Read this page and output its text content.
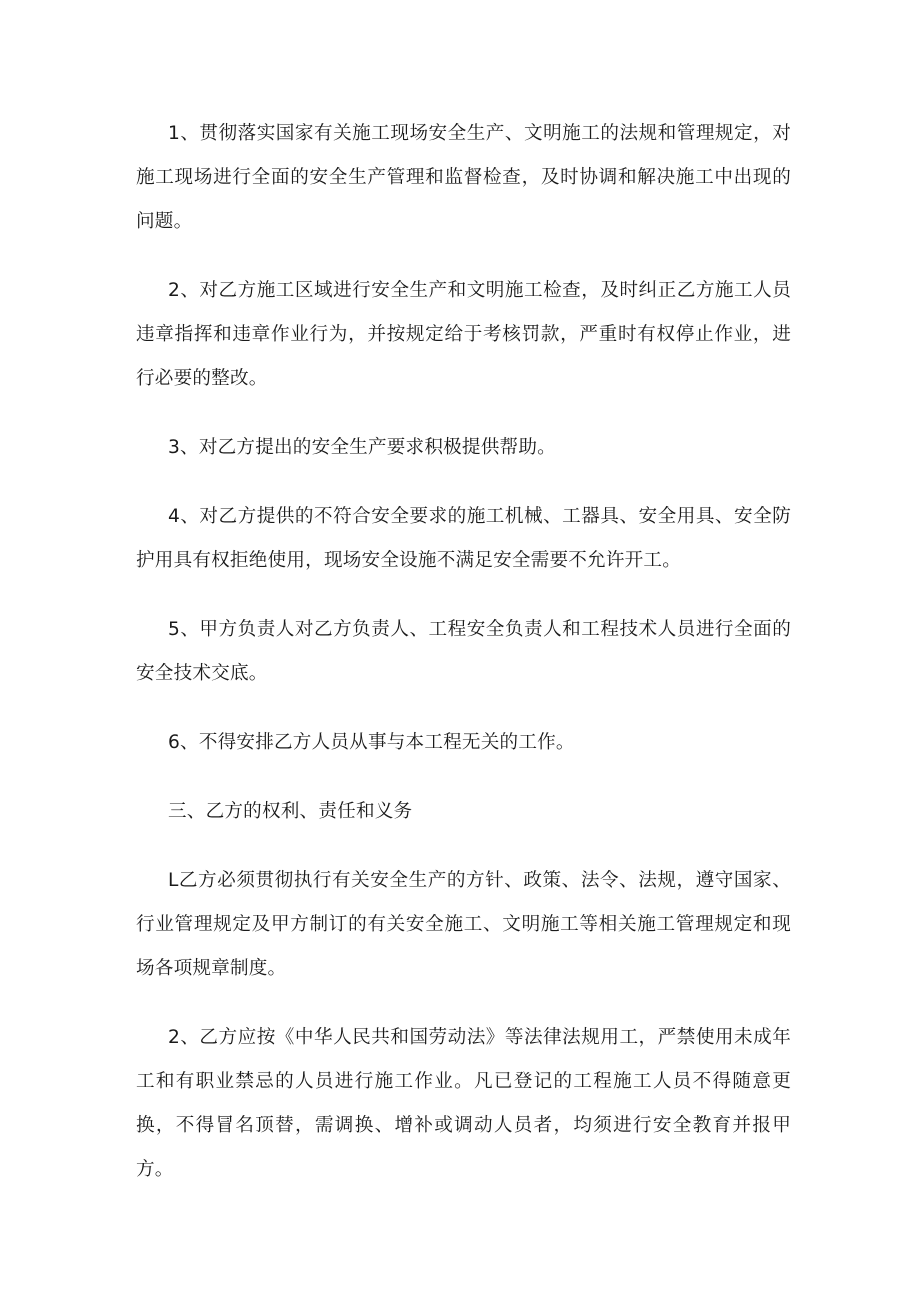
1、贯彻落实国家有关施工现场安全生产、文明施工的法规和管理规定，对施工现场进行全面的安全生产管理和监督检查，及时协调和解决施工中出现的问题。

2、对乙方施工区域进行安全生产和文明施工检查，及时纠正乙方施工人员违章指挥和违章作业行为，并按规定给于考核罚款，严重时有权停止作业，进行必要的整改。

3、对乙方提出的安全生产要求积极提供帮助。

4、对乙方提供的不符合安全要求的施工机械、工器具、安全用具、安全防护用具有权拒绝使用，现场安全设施不满足安全需要不允许开工。

5、甲方负责人对乙方负责人、工程安全负责人和工程技术人员进行全面的安全技术交底。

6、不得安排乙方人员从事与本工程无关的工作。

三、乙方的权利、责任和义务

L乙方必须贯彻执行有关安全生产的方针、政策、法令、法规，遵守国家、行业管理规定及甲方制订的有关安全施工、文明施工等相关施工管理规定和现场各项规章制度。

2、乙方应按《中华人民共和国劳动法》等法律法规用工，严禁使用未成年工和有职业禁忌的人员进行施工作业。凡已登记的工程施工人员不得随意更换，不得冒名顶替，需调换、增补或调动人员者，均须进行安全教育并报甲方。
